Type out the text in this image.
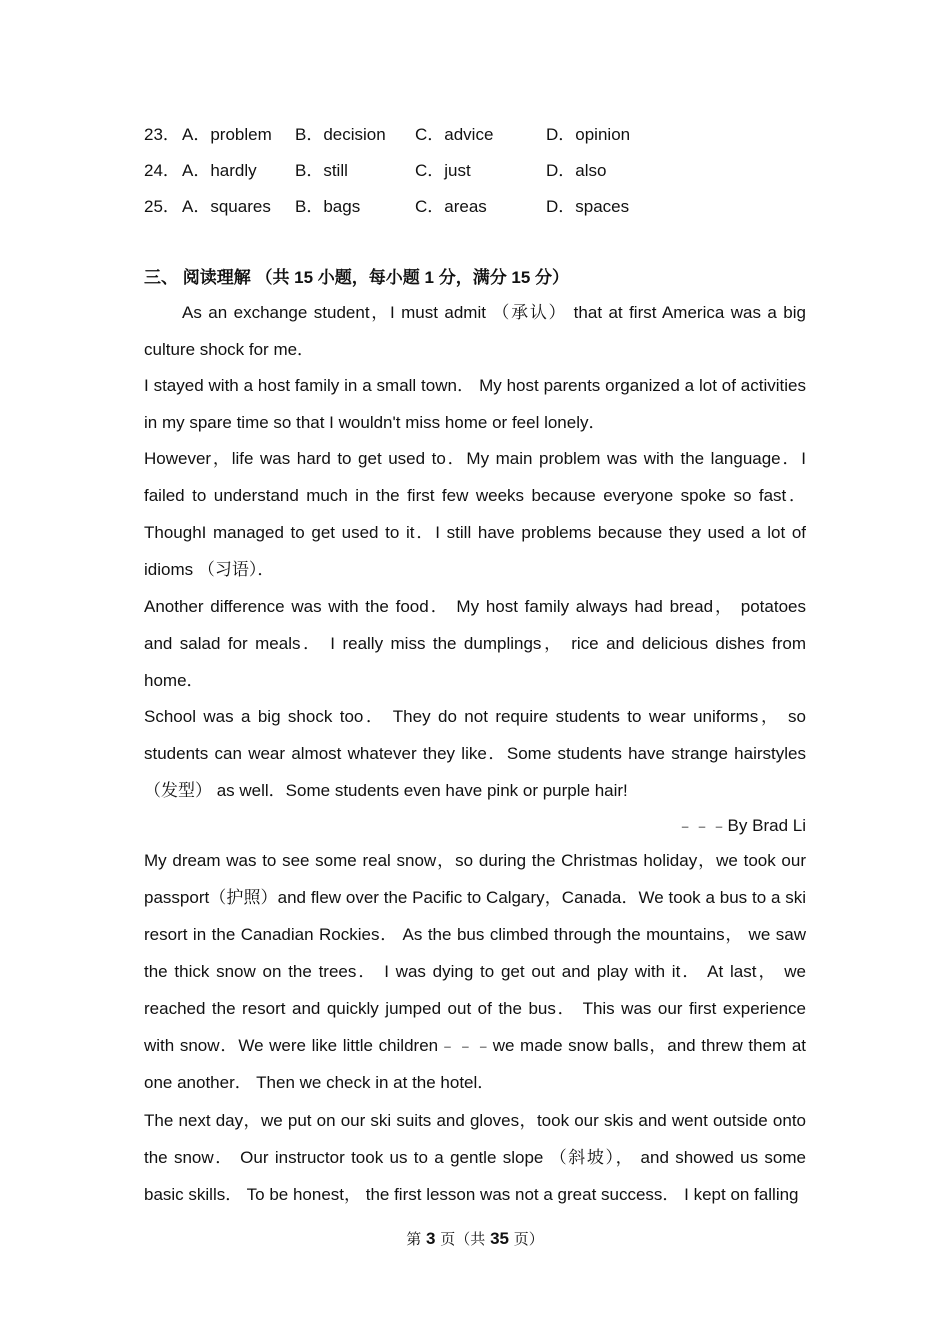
23． A．problem B．decision C．advice	D．opinion
24． A．hardly B．still	C．just	D．also
25． A．squares B．bags	C．areas	D．spaces
三、 阅读理解 （共 15 小题，每小题 1 分，满分 15 分）
As an exchange student，I must admit （承认） that at first America was a big culture shock for me．
I stayed with a host family in a small town． My host parents organized a lot of activities in my spare time so that I wouldn't miss home or feel lonely．
However，life was hard to get used to．My main problem was with the language．I failed to understand much in the first few weeks because everyone spoke so fast．ThoughI managed to get used to it．I still have problems because they used a lot of idioms （习语）．
Another difference was with the food． My host family always had bread， potatoes and salad for meals． I really miss the dumplings， rice and delicious dishes from home．
School was a big shock too． They do not require students to wear uniforms， so students can wear almost whatever they like．Some students have strange hairstyles （发型） as well．Some students even have pink or purple hair!
﹣﹣﹣By Brad Li
My dream was to see some real snow，so during the Christmas holiday，we took our passport（护照）and flew over the Pacific to Calgary，Canada．We took a bus to a ski resort in the Canadian Rockies． As the bus climbed through the mountains， we saw the thick snow on the trees． I was dying to get out and play with it． At last， we reached the resort and quickly jumped out of the bus． This was our first experience with snow．We were like little children﹣﹣﹣we made snow balls，and threw them at one another． Then we check in at the hotel．
The next day，we put on our ski suits and gloves，took our skis and went outside onto the snow． Our instructor took us to a gentle slope （斜坡）， and showed us some basic skills． To be honest， the first lesson was not a great success． I kept on falling
第 3 页（共 35 页）
